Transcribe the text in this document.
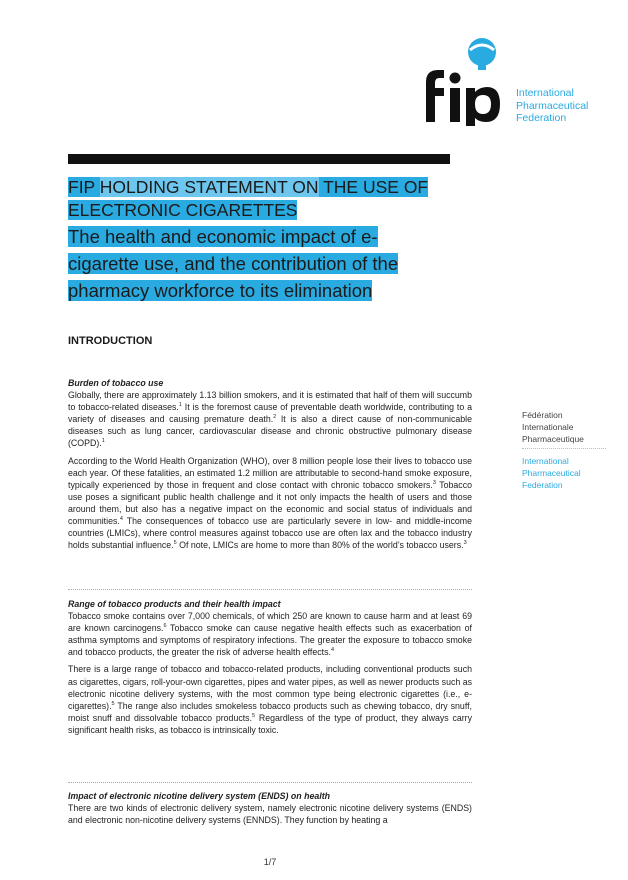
International
Pharmaceutical
Federation
FIP HOLDING STATEMENT ON THE USE OF
ELECTRONIC CIGARETTES
The health and economic impact of e-
cigarette use, and the contribution of the
pharmacy workforce to its elimination
INTRODUCTION
Fédération
Internationale
Pharmaceutique
International
Pharmaceutical
Federation
Burden of tobacco use

Globally, there are approximately 1.13 billion smokers, and it is estimated that half of them will succumb to tobacco-related diseases.$^1$ It is the foremost cause of preventable death worldwide, contributing to a variety of diseases and causing premature death.$^2$ It is also a direct cause of non-communicable diseases such as lung cancer, cardiovascular disease and chronic obstructive pulmonary disease (COPD).$^1$

According to the World Health Organization (WHO), over 8 million people lose their lives to tobacco use each year. Of these fatalities, an estimated 1.2 million are attributable to second-hand smoke exposure, typically experienced by those in frequent and close contact with chronic tobacco smokers.$^3$ Tobacco use poses a significant public health challenge and it not only impacts the health of users and those around them, but also has a negative impact on the economic and social status of individuals and communities.$^4$ The consequences of tobacco use are particularly severe in low- and middle-income countries (LMICs), where control measures against tobacco use are often lax and the tobacco industry holds substantial influence.$^5$ Of note, LMICs are home to more than 80% of the world’s tobacco users.$^3$

Range of tobacco products and their health impact

Tobacco smoke contains over 7,000 chemicals, of which 250 are known to cause harm and at least 69 are known carcinogens.$^6$ Tobacco smoke can cause negative health effects such as exacerbation of asthma symptoms and symptoms of respiratory infections. The greater the exposure to tobacco smoke and tobacco products, the greater the risk of adverse health effects.$^4$

There is a large range of tobacco and tobacco-related products, including conventional products such as cigarettes, cigars, roll-your-own cigarettes, pipes and water pipes, as well as newer products such as electronic nicotine delivery systems, with the most common type being electronic cigarettes (i.e., e-cigarettes).$^5$ The range also includes smokeless tobacco products such as chewing tobacco, dry snuff, moist snuff and dissolvable tobacco products.$^5$ Regardless of the type of product, they always carry significant health risks, as tobacco is intrinsically toxic.

Impact of electronic nicotine delivery system (ENDS) on health

There are two kinds of electronic delivery system, namely electronic nicotine delivery systems (ENDS) and electronic non-nicotine delivery systems (ENNDS). They function by heating a

1/7
